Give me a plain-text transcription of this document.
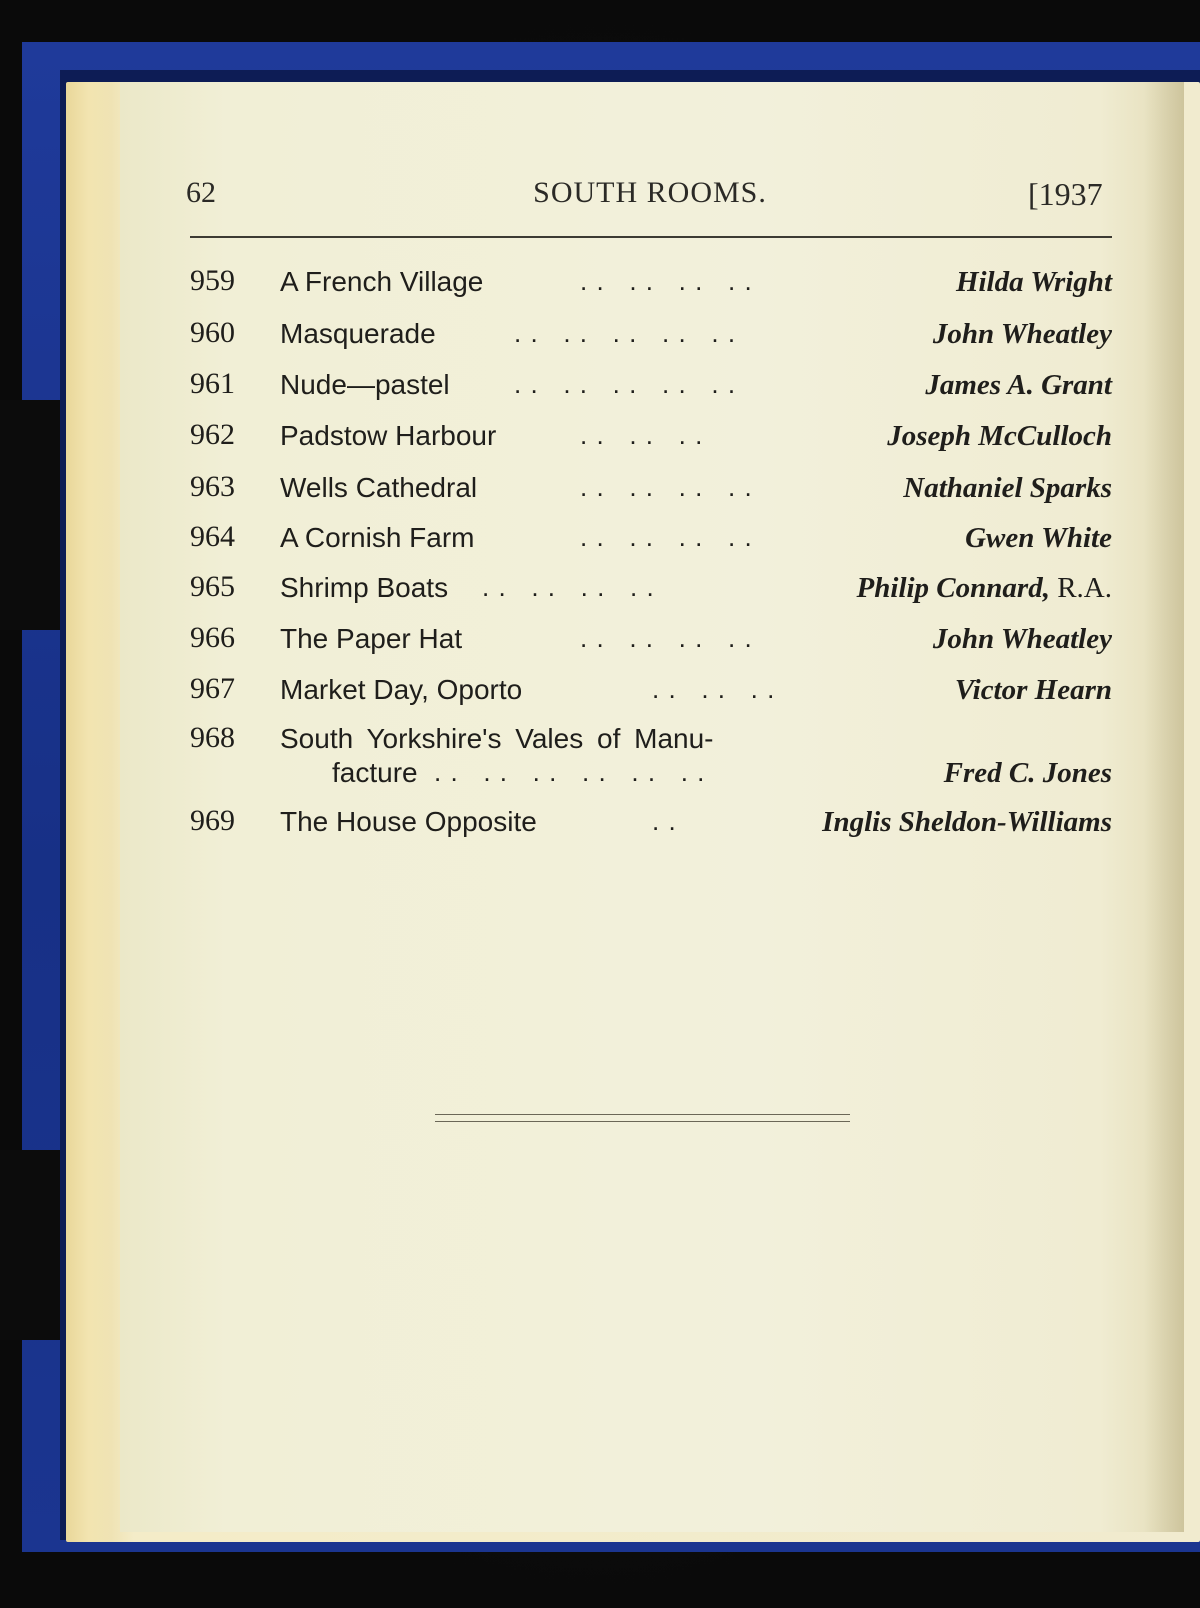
62	SOUTH ROOMS.	[1937
959 A French Village	. .   . .   . .   . .	Hilda Wright
960 Masquerade	. .   . .   . .   . .   . .	John Wheatley
961 Nude—pastel . .   . .   . .   . .   . .	James A. Grant
962 Padstow Harbour	. .   . .   . .	Joseph McCulloch
963 Wells Cathedral	. .   . .   . .   . .	Nathaniel Sparks
964 A Cornish Farm	. .   . .   . .   . .	Gwen White
965 Shrimp Boats . .   . .   . .   . .	Philip Connard, R.A.
966 The Paper Hat	. .   . .   . .   . .	John Wheatley
967 Market Day, Oporto	. .   . .   . .	Victor Hearn
968 South Yorkshire's Vales of Manu-
facture . .   . .   . .   . .   . .   . .	Fred C. Jones
969 The House Opposite	. .	Inglis Sheldon-Williams
